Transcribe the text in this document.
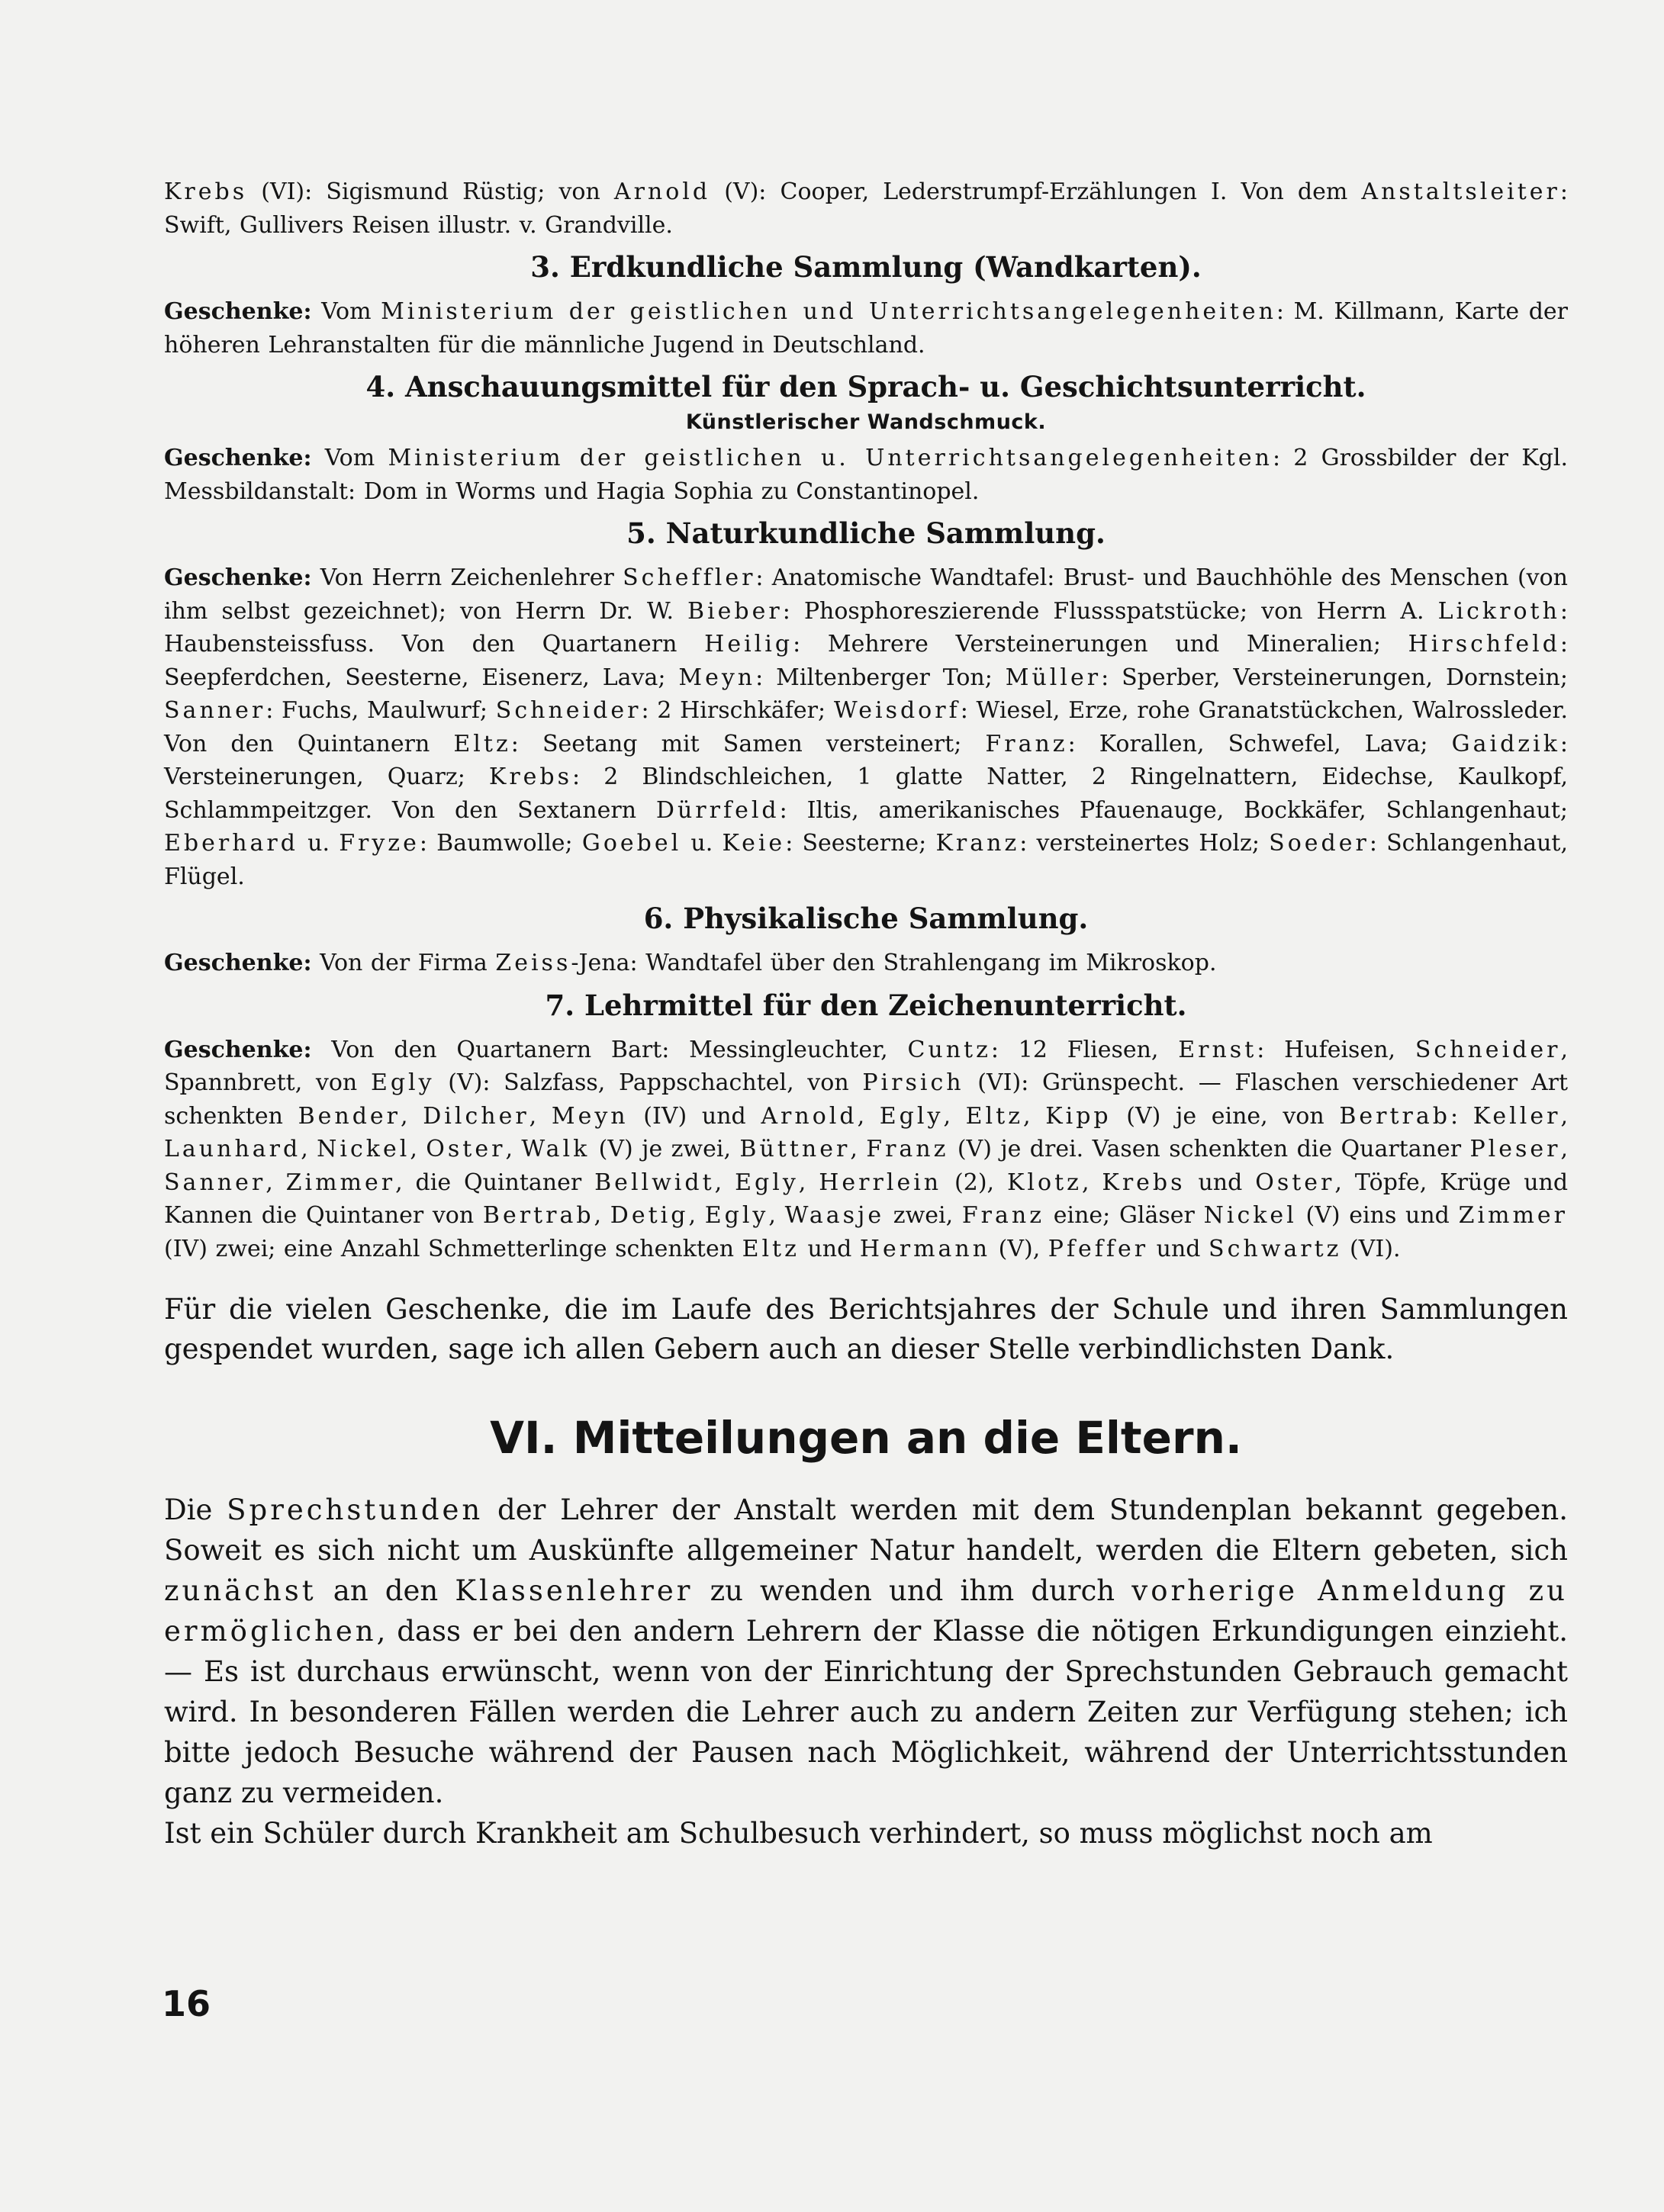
Krebs (VI): Sigismund Rüstig; von Arnold (V): Cooper, Lederstrumpf-Erzählungen I. Von dem Anstaltsleiter: Swift, Gullivers Reisen illustr. v. Grandville.

3. Erdkundliche Sammlung (Wandkarten).

Geschenke: Vom Ministerium der geistlichen und Unterrichtsangelegenheiten: M. Killmann, Karte der höheren Lehranstalten für die männliche Jugend in Deutschland.

4. Anschauungsmittel für den Sprach- u. Geschichtsunterricht.
Künstlerischer Wandschmuck.

Geschenke: Vom Ministerium der geistlichen u. Unterrichtsangelegenheiten: 2 Grossbilder der Kgl. Messbildanstalt: Dom in Worms und Hagia Sophia zu Constantinopel.

5. Naturkundliche Sammlung.

Geschenke: Von Herrn Zeichenlehrer Scheffler: Anatomische Wandtafel: Brust- und Bauchhöhle des Menschen (von ihm selbst gezeichnet); von Herrn Dr. W. Bieber: Phosphoreszierende Flussspatstücke; von Herrn A. Lickroth: Haubensteissfuss. Von den Quartanern Heilig: Mehrere Versteinerungen und Mineralien; Hirschfeld: Seepferdchen, Seesterne, Eisenerz, Lava; Meyn: Miltenberger Ton; Müller: Sperber, Versteinerungen, Dornstein; Sanner: Fuchs, Maulwurf; Schneider: 2 Hirschkäfer; Weisdorf: Wiesel, Erze, rohe Granatstückchen, Walrossleder. Von den Quintanern Eltz: Seetang mit Samen versteinert; Franz: Korallen, Schwefel, Lava; Gaidzik: Versteinerungen, Quarz; Krebs: 2 Blindschleichen, 1 glatte Natter, 2 Ringelnattern, Eidechse, Kaulkopf, Schlammpeitzger. Von den Sextanern Dürrfeld: Iltis, amerikanisches Pfauenauge, Bockkäfer, Schlangenhaut; Eberhard u. Fryze: Baumwolle; Goebel u. Keie: Seesterne; Kranz: versteinertes Holz; Soeder: Schlangenhaut, Flügel.

6. Physikalische Sammlung.

Geschenke: Von der Firma Zeiss-Jena: Wandtafel über den Strahlengang im Mikroskop.

7. Lehrmittel für den Zeichenunterricht.

Geschenke: Von den Quartanern Bart: Messingleuchter, Cuntz: 12 Fliesen, Ernst: Hufeisen, Schneider, Spannbrett, von Egly (V): Salzfass, Pappschachtel, von Pirsich (VI): Grünspecht. — Flaschen verschiedener Art schenkten Bender, Dilcher, Meyn (IV) und Arnold, Egly, Eltz, Kipp (V) je eine, von Bertrab: Keller, Launhard, Nickel, Oster, Walk (V) je zwei, Büttner, Franz (V) je drei. Vasen schenkten die Quartaner Pleser, Sanner, Zimmer, die Quintaner Bellwidt, Egly, Herrlein (2), Klotz, Krebs und Oster, Töpfe, Krüge und Kannen die Quintaner von Bertrab, Detig, Egly, Waasje zwei, Franz eine; Gläser Nickel (V) eins und Zimmer (IV) zwei; eine Anzahl Schmetterlinge schenkten Eltz und Hermann (V), Pfeffer und Schwartz (VI).

Für die vielen Geschenke, die im Laufe des Berichtsjahres der Schule und ihren Sammlungen gespendet wurden, sage ich allen Gebern auch an dieser Stelle verbindlichsten Dank.

VI. Mitteilungen an die Eltern.

Die Sprechstunden der Lehrer der Anstalt werden mit dem Stundenplan bekannt gegeben. Soweit es sich nicht um Auskünfte allgemeiner Natur handelt, werden die Eltern gebeten, sich zunächst an den Klassenlehrer zu wenden und ihm durch vorherige Anmeldung zu ermöglichen, dass er bei den andern Lehrern der Klasse die nötigen Erkundigungen einzieht. — Es ist durchaus erwünscht, wenn von der Einrichtung der Sprechstunden Gebrauch gemacht wird. In besonderen Fällen werden die Lehrer auch zu andern Zeiten zur Verfügung stehen; ich bitte jedoch Besuche während der Pausen nach Möglichkeit, während der Unterrichtsstunden ganz zu vermeiden.

Ist ein Schüler durch Krankheit am Schulbesuch verhindert, so muss möglichst noch am

16
